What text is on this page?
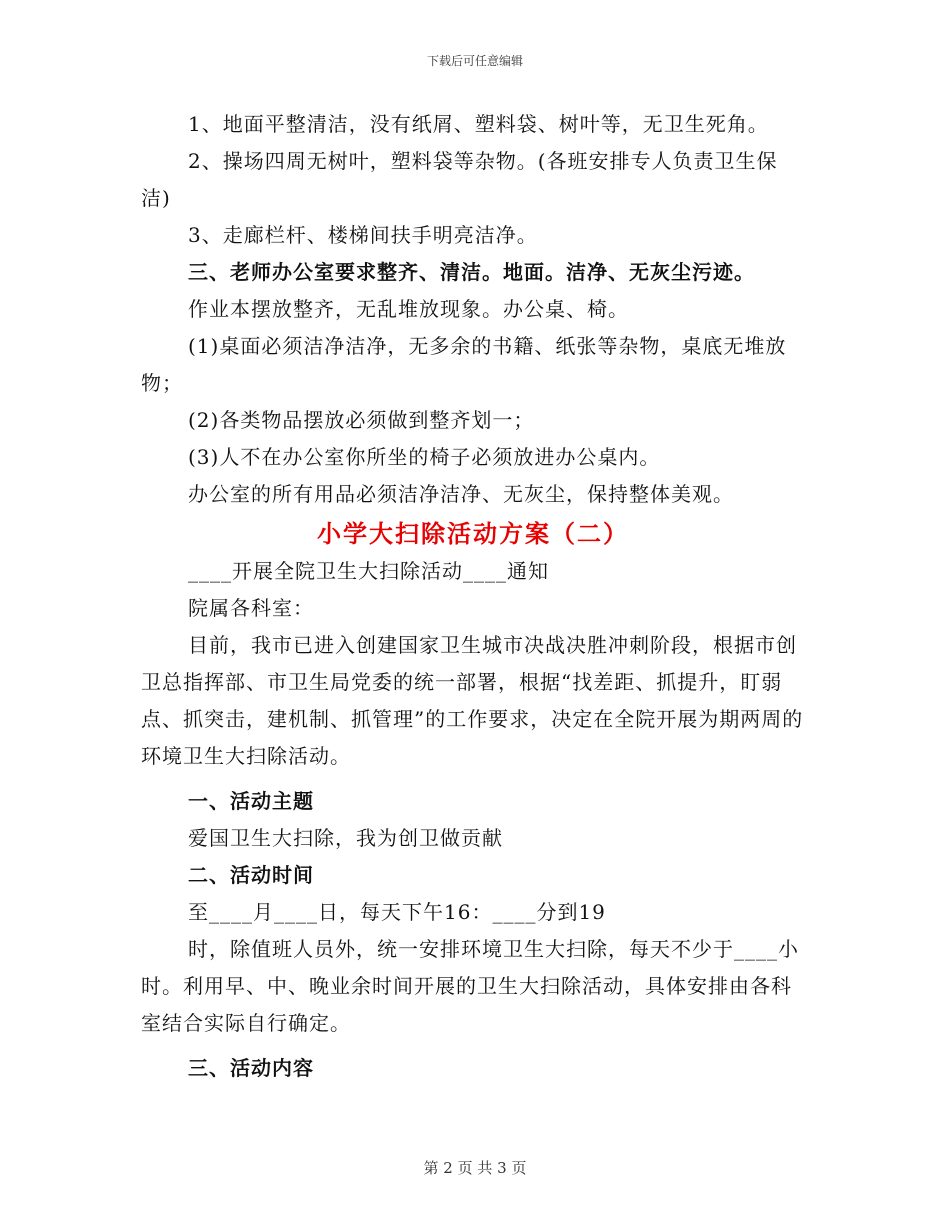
下载后可任意编辑

1、地面平整清洁，没有纸屑、塑料袋、树叶等，无卫生死角。

2、操场四周无树叶，塑料袋等杂物。(各班安排专人负责卫生保洁)

3、走廊栏杆、楼梯间扶手明亮洁净。

三、老师办公室要求整齐、清洁。地面。洁净、无灰尘污迹。

作业本摆放整齐，无乱堆放现象。办公桌、椅。

(1)桌面必须洁净洁净，无多余的书籍、纸张等杂物，桌底无堆放物；

(2)各类物品摆放必须做到整齐划一；

(3)人不在办公室你所坐的椅子必须放进办公桌内。

办公室的所有用品必须洁净洁净、无灰尘，保持整体美观。

小学大扫除活动方案（二）

____开展全院卫生大扫除活动____通知

院属各科室：

目前，我市已进入创建国家卫生城市决战决胜冲刺阶段，根据市创卫总指挥部、市卫生局党委的统一部署，根据“找差距、抓提升，盯弱点、抓突击，建机制、抓管理”的工作要求，决定在全院开展为期两周的环境卫生大扫除活动。

一、活动主题

爱国卫生大扫除，我为创卫做贡献

二、活动时间

至____月____日，每天下午16：____分到19

时，除值班人员外，统一安排环境卫生大扫除，每天不少于____小时。利用早、中、晚业余时间开展的卫生大扫除活动，具体安排由各科室结合实际自行确定。

三、活动内容

第 2 页 共 3 页
